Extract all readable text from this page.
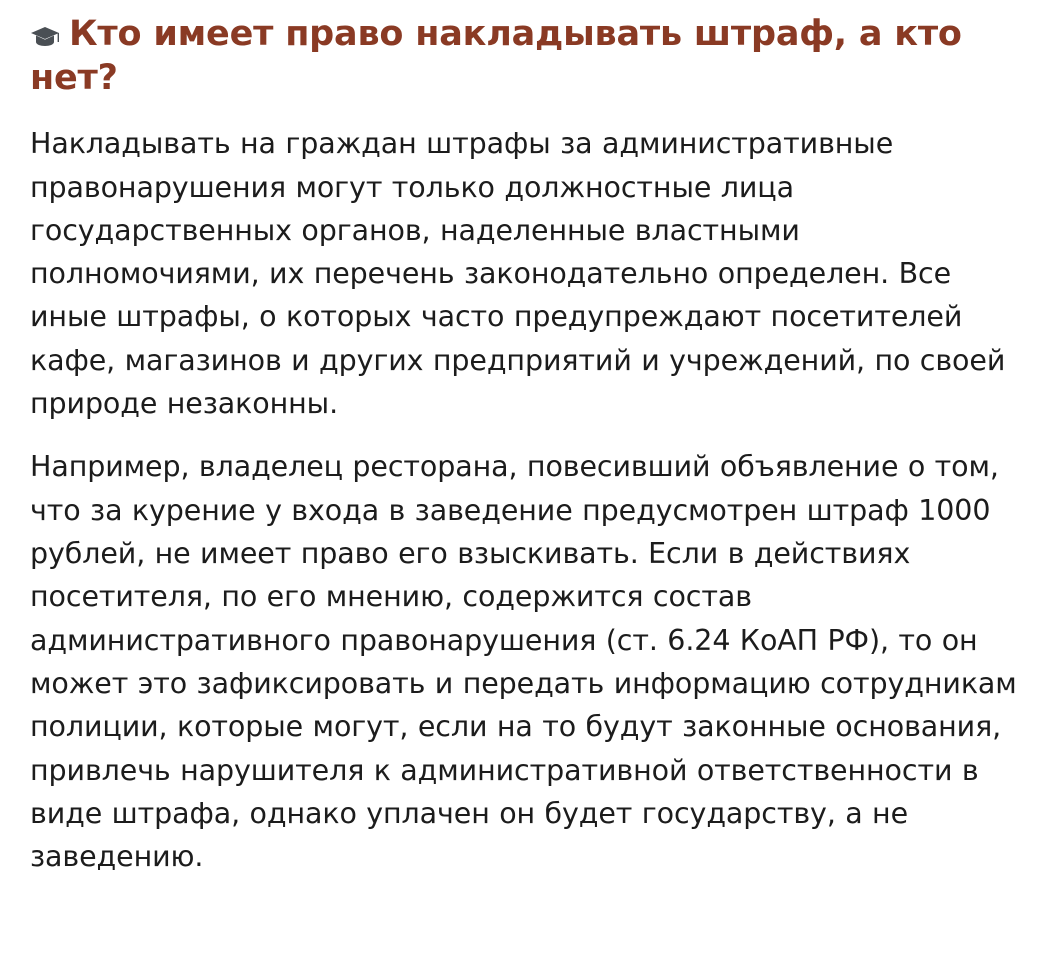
Кто имеет право накладывать штраф, а кто нет?

Накладывать на граждан штрафы за административные правонарушения могут только должностные лица государственных органов, наделенные властными полномочиями, их перечень законодательно определен. Все иные штрафы, о которых часто предупреждают посетителей кафе, магазинов и других предприятий и учреждений, по своей природе незаконны.

Например, владелец ресторана, повесивший объявление о том, что за курение у входа в заведение предусмотрен штраф 1000 рублей, не имеет право его взыскивать. Если в действиях посетителя, по его мнению, содержится состав административного правонарушения (ст. 6.24 КоАП РФ), то он может это зафиксировать и передать информацию сотрудникам полиции, которые могут, если на то будут законные основания, привлечь нарушителя к административной ответственности в виде штрафа, однако уплачен он будет государству, а не заведению.
